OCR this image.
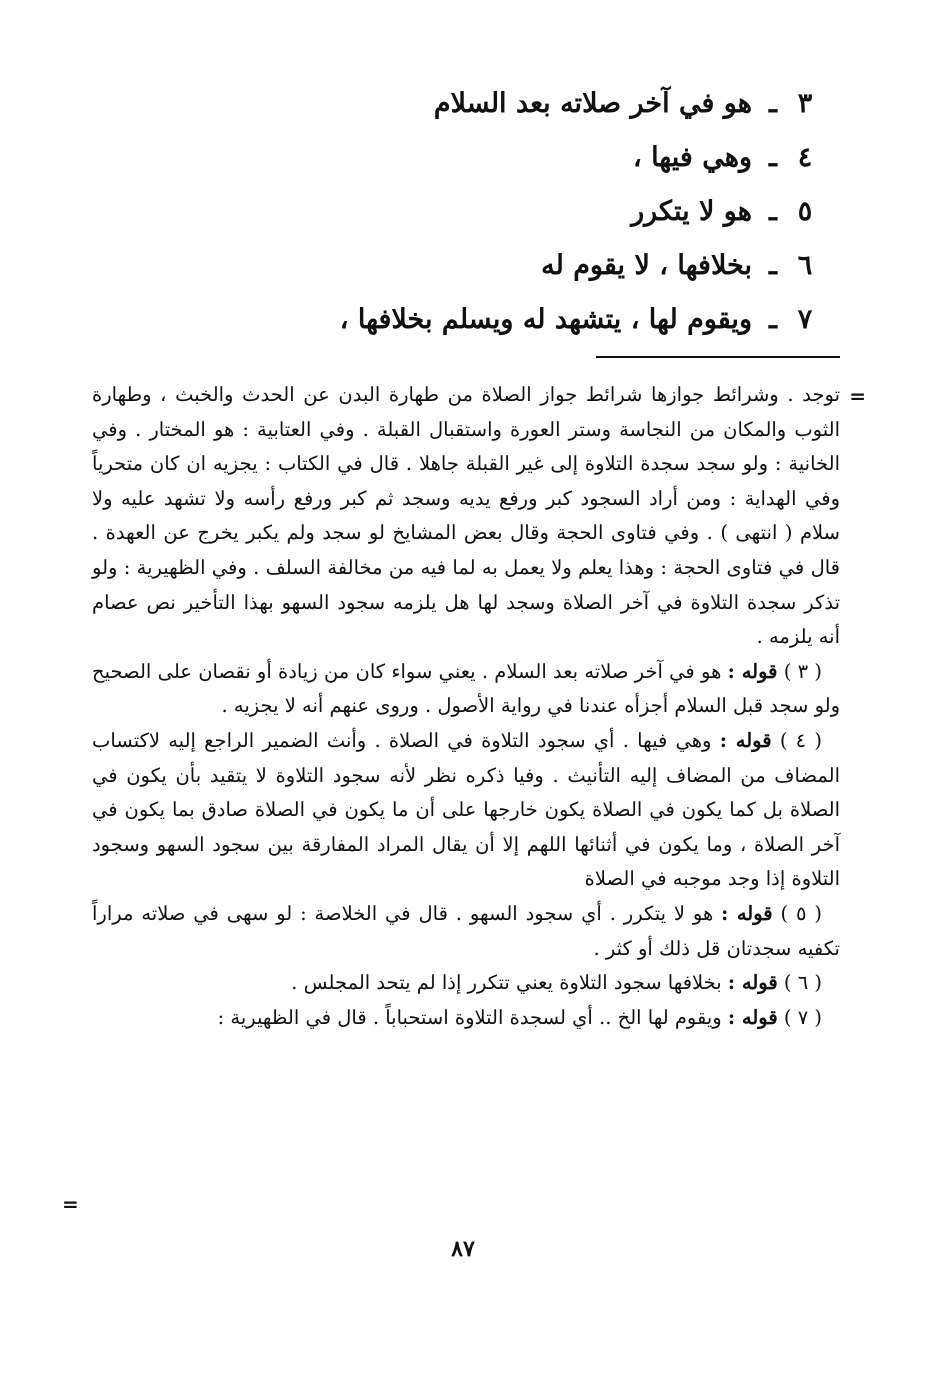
٣
ـ
هو في آخر صلاته بعد السلام
٤
ـ
وهي فيها ،
٥
ـ
هو لا يتكرر
٦
ـ
بخلافها ، لا يقوم له
٧
ـ
ويقوم لها ، يتشهد له ويسلم بخلافها ،
=

توجد . وشرائط جوازها شرائط جواز الصلاة من طهارة البدن عن الحدث والخبث ، وطهارة الثوب والمكان من النجاسة وستر العورة واستقبال القبلة . وفي العتابية : هو المختار . وفي الخانية : ولو سجد سجدة التلاوة إلى غير القبلة جاهلا . قال في الكتاب : يجزيه ان كان متحرياً وفي الهداية : ومن أراد السجود كبر ورفع يديه وسجد ثم كبر ورفع رأسه ولا تشهد عليه ولا سلام ( انتهى ) . وفي فتاوى الحجة وقال بعض المشايخ لو سجد ولم يكبر يخرج عن العهدة . قال في فتاوى الحجة : وهذا يعلم ولا يعمل به لما فيه من مخالفة السلف . وفي الظهيرية : ولو تذكر سجدة التلاوة في آخر الصلاة وسجد لها هل يلزمه سجود السهو بهذا التأخير نص عصام أنه يلزمه .

( ٣ ) قوله : هو في آخر صلاته بعد السلام . يعني سواء كان من زيادة أو نقصان على الصحيح ولو سجد قبل السلام أجزأه عندنا في رواية الأصول . وروى عنهم أنه لا يجزيه .

( ٤ ) قوله : وهي فيها . أي سجود التلاوة في الصلاة . وأنث الضمير الراجع إليه لاكتساب المضاف من المضاف إليه التأنيث . وفيا ذكره نظر لأنه سجود التلاوة لا يتقيد بأن يكون في الصلاة بل كما يكون في الصلاة يكون خارجها على أن ما يكون في الصلاة صادق بما يكون في آخر الصلاة ، وما يكون في أثنائها اللهم إلا أن يقال المراد المفارقة بين سجود السهو وسجود التلاوة إذا وجد موجبه في الصلاة

( ٥ ) قوله : هو لا يتكرر . أي سجود السهو . قال في الخلاصة : لو سهى في صلاته مراراً تكفيه سجدتان قل ذلك أو كثر .

( ٦ ) قوله : بخلافها سجود التلاوة يعني تتكرر إذا لم يتحد المجلس .

( ٧ ) قوله : ويقوم لها الخ .. أي لسجدة التلاوة استحباباً . قال في الظهيرية :

=
٨٧
